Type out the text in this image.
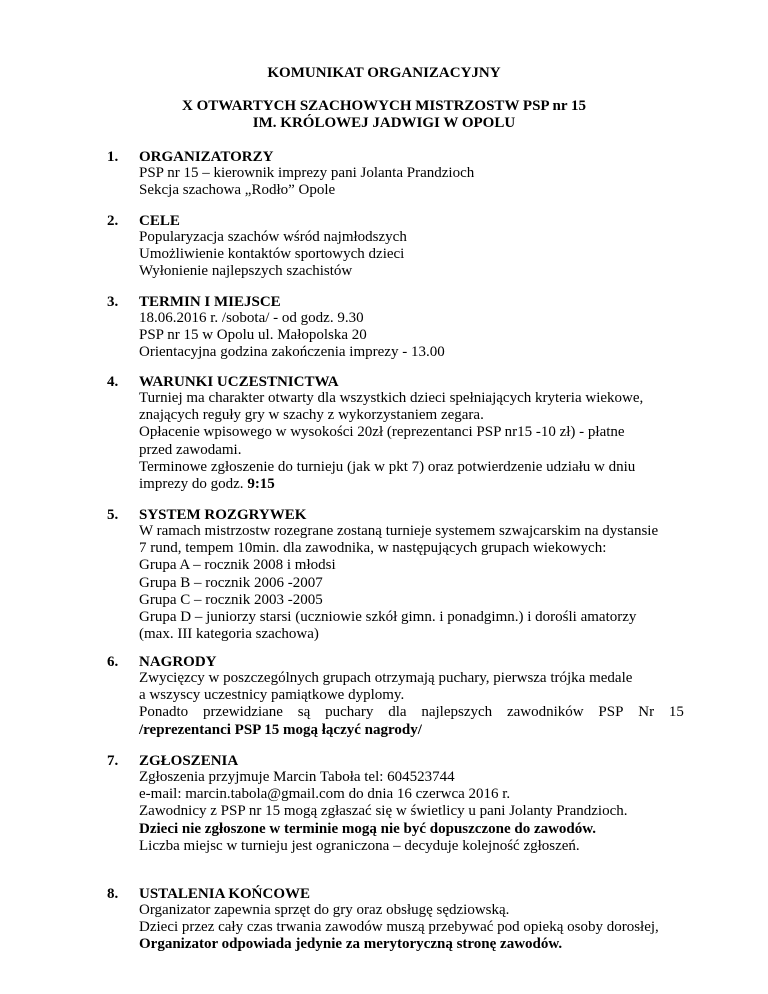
KOMUNIKAT ORGANIZACYJNY
X OTWARTYCH SZACHOWYCH MISTRZOSTW PSP nr 15
IM. KRÓLOWEJ JADWIGI W OPOLU
1. ORGANIZATORZY
PSP nr 15 – kierownik imprezy pani Jolanta Prandzioch
Sekcja szachowa „Rodło” Opole
2. CELE
Popularyzacja szachów wśród najmłodszych
Umożliwienie kontaktów sportowych dzieci
Wyłonienie najlepszych szachistów
3. TERMIN I MIEJSCE
18.06.2016 r. /sobota/ - od godz. 9.30
PSP nr 15 w Opolu ul. Małopolska 20
Orientacyjna godzina zakończenia imprezy - 13.00
4. WARUNKI UCZESTNICTWA
Turniej ma charakter otwarty dla wszystkich dzieci spełniających kryteria wiekowe,
znających reguły gry w szachy z wykorzystaniem zegara.
Opłacenie wpisowego w wysokości 20zł (reprezentanci PSP nr15 -10 zł) - płatne
przed zawodami.
Terminowe zgłoszenie do turnieju (jak w pkt 7) oraz potwierdzenie udziału w dniu
imprezy do godz. 9:15
5. SYSTEM ROZGRYWEK
W ramach mistrzostw rozegrane zostaną turnieje systemem szwajcarskim na dystansie
7 rund, tempem 10min. dla zawodnika, w następujących grupach wiekowych:
Grupa A – rocznik 2008 i młodsi
Grupa B – rocznik 2006 -2007
Grupa C – rocznik 2003 -2005
Grupa D – juniorzy starsi (uczniowie szkół gimn. i ponadgimn.) i dorośli amatorzy
(max. III kategoria szachowa)
6. NAGRODY
Zwycięzcy w poszczególnych grupach otrzymają puchary, pierwsza trójka medale
a wszyscy uczestnicy pamiątkowe dyplomy.
Ponadto przewidziane są puchary dla najlepszych zawodników PSP Nr 15
/reprezentanci PSP 15 mogą łączyć nagrody/
7. ZGŁOSZENIA
Zgłoszenia przyjmuje Marcin Taboła tel: 604523744
e-mail: marcin.tabola@gmail.com do dnia 16 czerwca 2016 r.
Zawodnicy z PSP nr 15 mogą zgłaszać się w świetlicy u pani Jolanty Prandzioch.
Dzieci nie zgłoszone w terminie mogą nie być dopuszczone do zawodów.
Liczba miejsc w turnieju jest ograniczona – decyduje kolejność zgłoszeń.
8. USTALENIA KOŃCOWE
Organizator zapewnia sprzęt do gry oraz obsługę sędziowską.
Dzieci przez cały czas trwania zawodów muszą przebywać pod opieką osoby dorosłej,
Organizator odpowiada jedynie za merytoryczną stronę zawodów.
